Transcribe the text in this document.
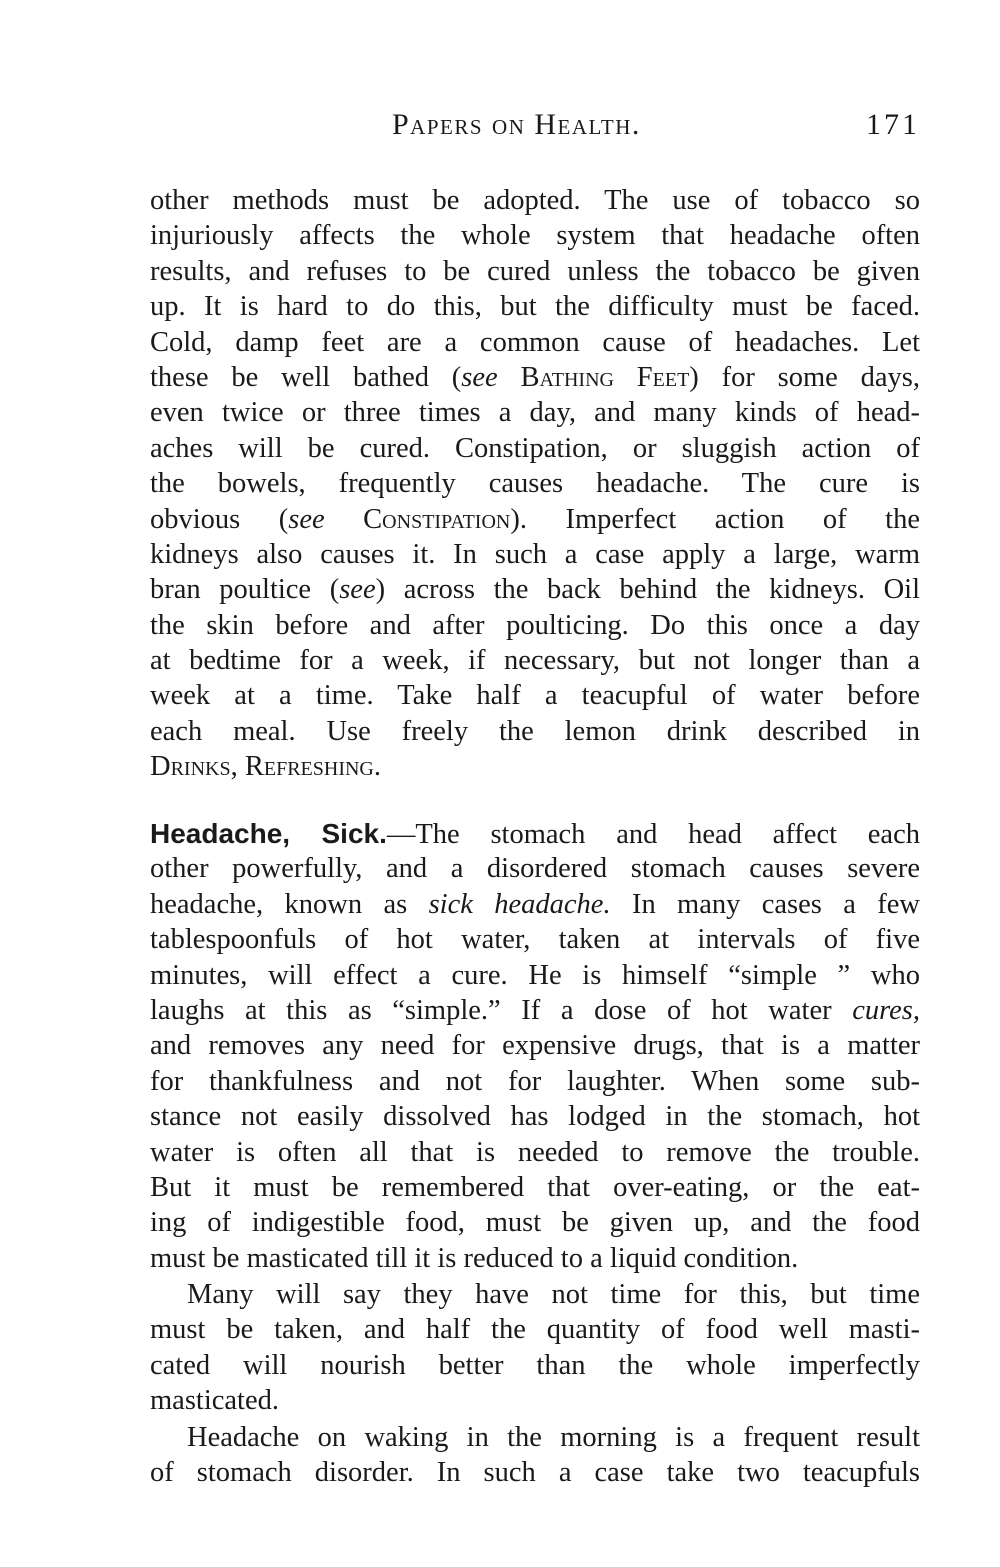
Papers on Health.	171
other methods must be adopted. The use of tobacco so
injuriously affects the whole system that headache often
results, and refuses to be cured unless the tobacco be given
up. It is hard to do this, but the difficulty must be faced.
Cold, damp feet are a common cause of headaches. Let
these be well bathed (see Bathing Feet) for some days,
even twice or three times a day, and many kinds of head-
aches will be cured. Constipation, or sluggish action of
the bowels, frequently causes headache. The cure is
obvious (see Constipation). Imperfect action of the
kidneys also causes it. In such a case apply a large, warm
bran poultice (see) across the back behind the kidneys. Oil
the skin before and after poulticing. Do this once a day
at bedtime for a week, if necessary, but not longer than a
week at a time. Take half a teacupful of water before
each meal. Use freely the lemon drink described in
Drinks, Refreshing.
Headache, Sick.—The stomach and head affect each
other powerfully, and a disordered stomach causes severe
headache, known as sick headache. In many cases a few
tablespoonfuls of hot water, taken at intervals of five
minutes, will effect a cure. He is himself “simple ” who
laughs at this as “simple.” If a dose of hot water cures,
and removes any need for expensive drugs, that is a matter
for thankfulness and not for laughter. When some sub-
stance not easily dissolved has lodged in the stomach, hot
water is often all that is needed to remove the trouble.
But it must be remembered that over-eating, or the eat-
ing of indigestible food, must be given up, and the food
must be masticated till it is reduced to a liquid condition.
Many will say they have not time for this, but time
must be taken, and half the quantity of food well masti-
cated will nourish better than the whole imperfectly
masticated.
Headache on waking in the morning is a frequent result
of stomach disorder. In such a case take two teacupfuls
